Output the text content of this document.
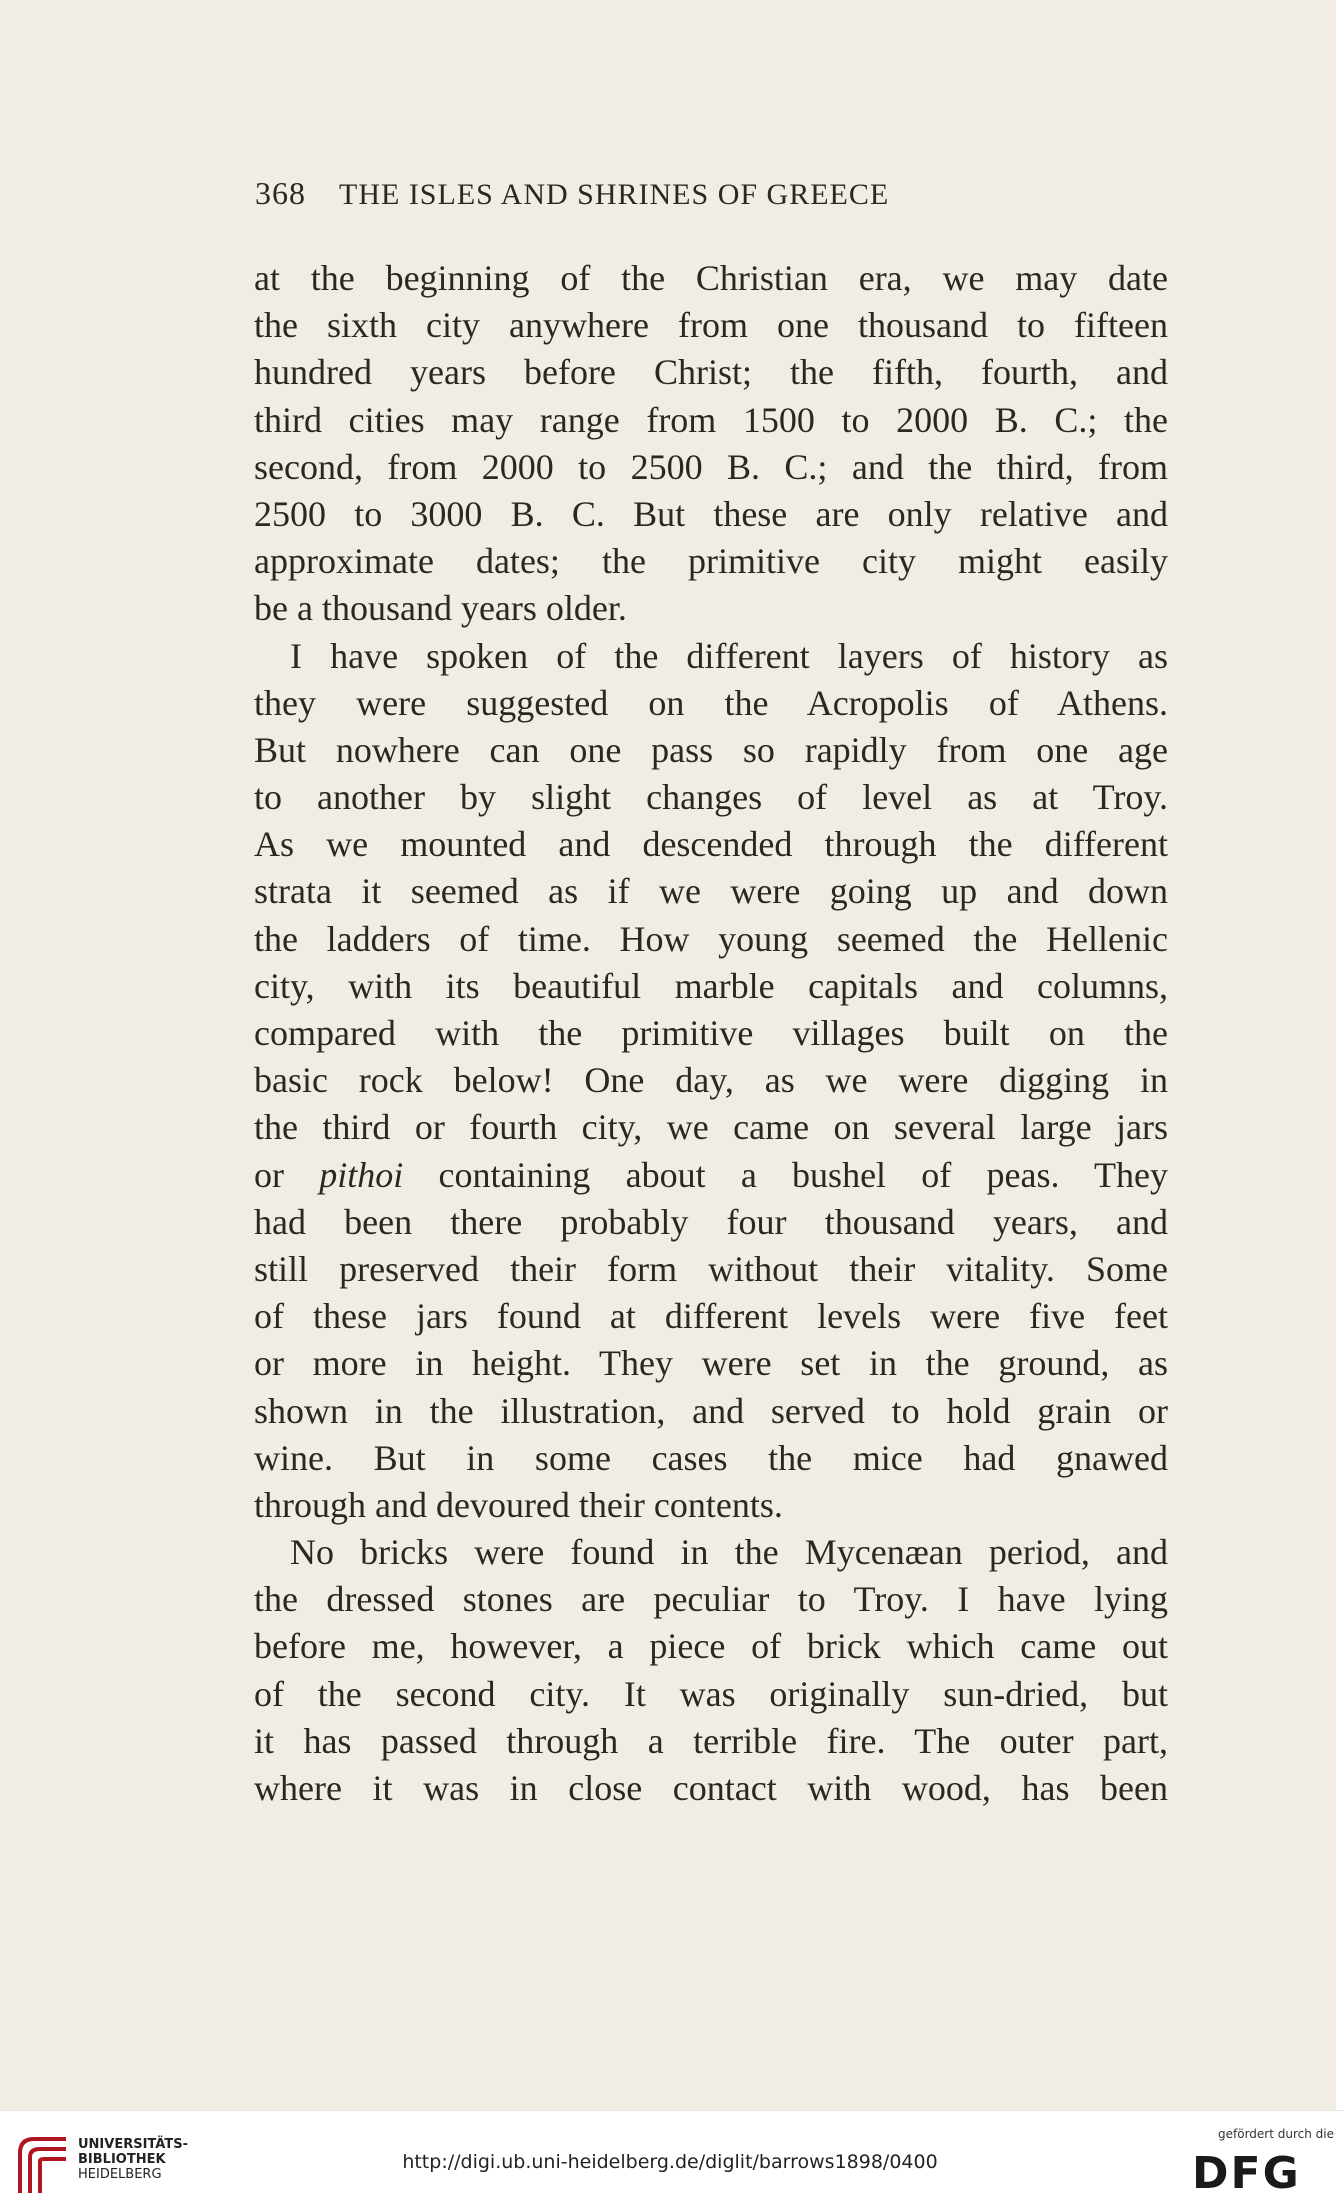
368 THE ISLES AND SHRINES OF GREECE
at the beginning of the Christian era, we may date
the sixth city anywhere from one thousand to fifteen
hundred years before Christ; the fifth, fourth, and
third cities may range from 1500 to 2000 B. C.; the
second, from 2000 to 2500 B. C.; and the third, from
2500 to 3000 B. C. But these are only relative and
approximate dates; the primitive city might easily
be a thousand years older.
I have spoken of the different layers of history as
they were suggested on the Acropolis of Athens.
But nowhere can one pass so rapidly from one age
to another by slight changes of level as at Troy.
As we mounted and descended through the different
strata it seemed as if we were going up and down
the ladders of time. How young seemed the Hellenic
city, with its beautiful marble capitals and columns,
compared with the primitive villages built on the
basic rock below! One day, as we were digging in
the third or fourth city, we came on several large jars
or pithoi containing about a bushel of peas. They
had been there probably four thousand years, and
still preserved their form without their vitality. Some
of these jars found at different levels were five feet
or more in height. They were set in the ground, as
shown in the illustration, and served to hold grain or
wine. But in some cases the mice had gnawed
through and devoured their contents.
No bricks were found in the Mycenæan period, and
the dressed stones are peculiar to Troy. I have lying
before me, however, a piece of brick which came out
of the second city. It was originally sun-dried, but
it has passed through a terrible fire. The outer part,
where it was in close contact with wood, has been
UNIVERSITÄTS-
BIBLIOTHEK
HEIDELBERG
http://digi.ub.uni-heidelberg.de/diglit/barrows1898/0400
gefördert durch die
DFG
